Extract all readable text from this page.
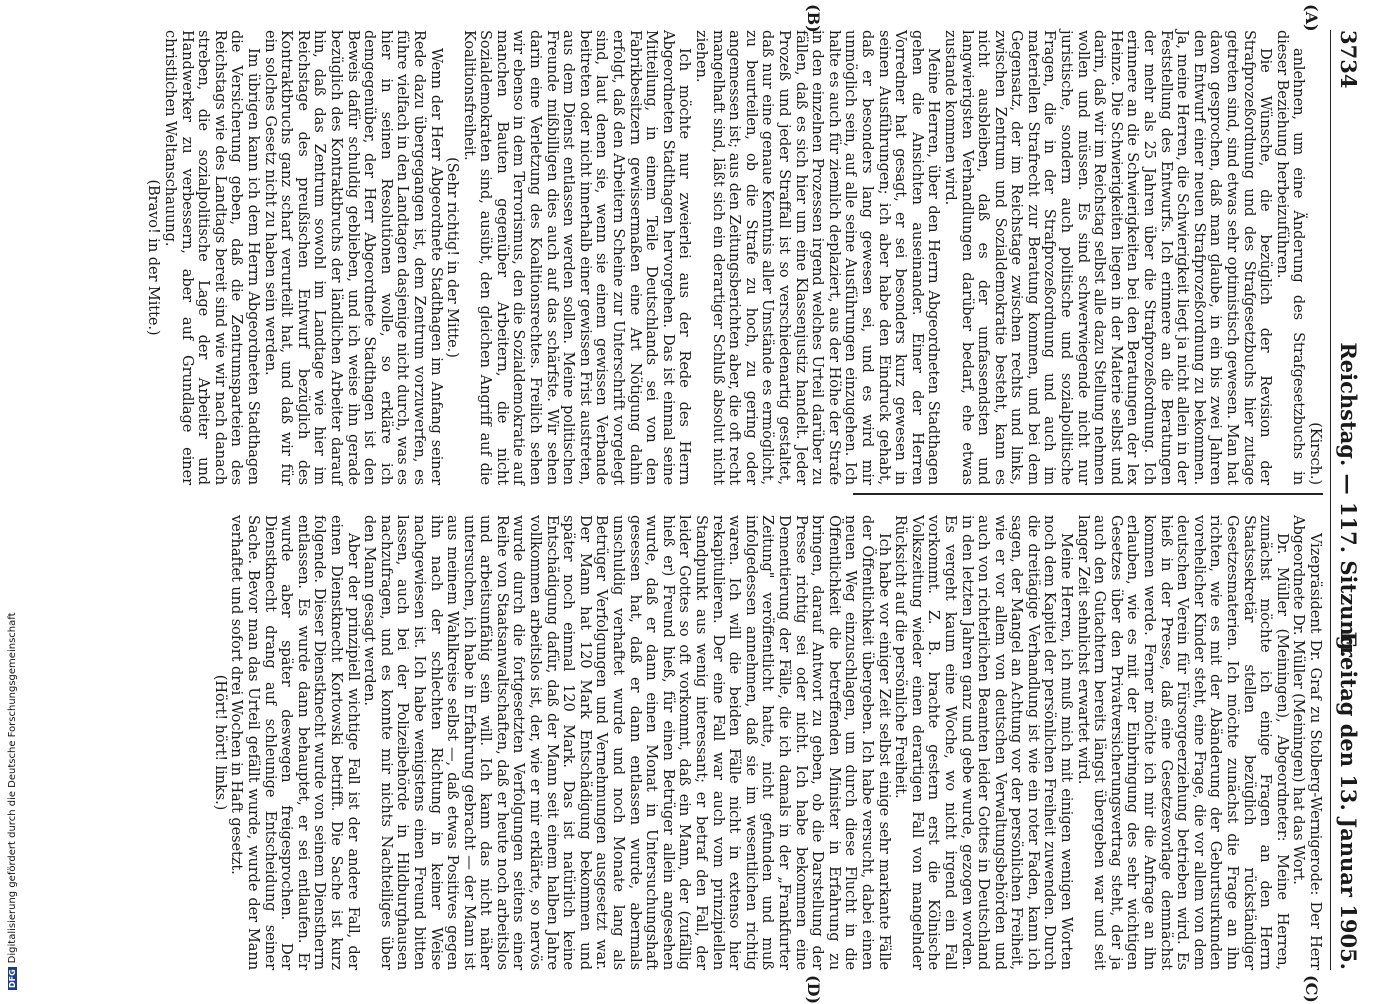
3734
Reichstag. — 117. Sitzung.
Freitag den 13. Januar 1905.
(A)
(B)
(C)
(D)

(Kirsch.)

anlehnen, um eine Änderung des Strafgesetzbuchs in dieser Beziehung herbeizuführen.

Die Wünsche, die bezüglich der Revision der Strafprozeßordnung und des Strafgesetzbuchs hier zutage getreten sind, sind etwas sehr optimistisch gewesen. Man hat davon gesprochen, daß man glaube, in ein bis zwei Jahren den Entwurf einer neuen Strafprozeßordnung zu bekommen. Ja, meine Herren, die Schwierigkeit liegt ja nicht allein in der Feststellung des Entwurfs. Ich erinnere an die Beratungen der mehr als 25 Jahren über die Strafprozeßordnung. Ich erinnere an die Schwierigkeiten bei den Beratungen der lex Heinze. Die Schwierigkeiten liegen in der Materie selbst und darin, daß wir im Reichstag selbst alle dazu Stellung nehmen wollen und müssen. Es sind schwerwiegende nicht nur juristische, sondern auch politische und sozialpolitische Fragen, die in der Strafprozeßordnung und auch im materiellen Strafrecht zur Beratung kommen, und bei dem Gegensatz, der im Reichstage zwischen rechts und links, zwischen Zentrum und Sozialdemokratie besteht, kann es nicht ausbleiben, daß es der umfassendsten und langwierigsten Verhandlungen darüber bedarf, ehe etwas zustande kommen wird.

Meine Herren, über den Herrn Abgeordneten Stadthagen gehen die Ansichten auseinander. Einer der Herren Vorredner hat gesagt, er sei besonders kurz gewesen in seinen Ausführungen; ich aber habe den Eindruck gehabt, daß er besonders lang gewesen sei, und es wird mir unmöglich sein, auf alle seine Ausführungen einzugehen. Ich halte es auch für ziemlich deplaziert, aus der Höhe der Strafe in den einzelnen Prozessen irgend welches Urteil darüber zu fällen, daß es sich hier um eine Klassenjustiz handelt. Jeder Prozeß und jeder Straffall ist so verschiedenartig gestaltet, daß nur eine genaue Kenntnis aller Umstände es ermöglicht, zu beurteilen, ob die Strafe zu hoch, zu gering oder angemessen ist; aus den Zeitungsberichten aber, die oft recht mangelhaft sind, läßt sich ein derartiger Schluß absolut nicht ziehen.

Ich möchte nur zweierlei aus der Rede des Herrn Abgeordneten Stadthagen hervorgehen. Das ist einmal seine Mitteilung, in einem Teile Deutschlands sei von den Fabrikbesitzern gewissermaßen eine Art Nötigung dahin erfolgt, daß den Arbeitern Scheine zur Unterschrift vorgelegt sind, laut denen sie, wenn sie einem gewissen Verbande beitreten oder nicht innerhalb einer gewissen Frist austreten, aus dem Dienst entlassen werden sollen. Meine politischen Freunde mißbilligen dies auch auf das schärfste. Wir sehen darin eine Verletzung des Koalitionsrechtes. Freilich sehen wir ebenso in dem Terrorismus, den die Sozialdemokratie auf manchen Bauten gegenüber Arbeitern, die nicht Sozialdemokraten sind, ausübt, den gleichen Angriff auf die Koalitionsfreiheit.

(Sehr richtig! in der Mitte.)

Wenn der Herr Abgeordnete Stadthagen im Anfang seiner Rede dazu übergegangen ist, dem Zentrum vorzuwerfen, es führe vielfach in den Landtagen dasjenige nicht durch, was es hier in seinen Resolutionen wolle, so erkläre ich demgegenüber, der Herr Abgeordnete Stadthagen ist den Beweis dafür schuldig geblieben, und ich weise ihn gerade bezüglich des Kontraktbruchs der ländlichen Arbeiter darauf hin, daß das Zentrum sowohl im Landtage wie hier im Reichstage des preußischen Entwurf bezüglich des Kontraktbruchs ganz scharf verurteilt hat, und daß wir für ein solches Gesetz nicht zu haben sein werden.

Im übrigen kann ich dem Herrn Abgeordneten Stadthagen die Versicherung geben, daß die Zentrumsparteien des Reichstags wie des Landtags bereit sind wie wir nach danach streben, die sozialpolitische Lage der Arbeiter und Handwerker zu verbessern, aber auf Grundlage einer christlichen Weltanschauung.

(Bravo! in der Mitte.)

Vizepräsident Dr. Graf zu Stolberg-Wernigerode: Der Herr Abgeordnete Dr. Müller (Meiningen) hat das Wort.

Dr. Müller (Meiningen), Abgeordneter: Meine Herren, zunächst möchte ich einige Fragen an den Herrn Staatssekretär stellen bezüglich rückständiger Gesetzesmaterien. Ich möchte zunächst die Frage an ihn richten, wie es mit der Abänderung der Geburtsurkunden vorehelicher Kinder steht, eine Frage, die vor allem von dem deutschen Verein für Fürsorgeerziehung betrieben wird. Es hieß in der Presse, daß eine Gesetzesvorlage demnächst kommen werde. Ferner möchte ich mir die Anfrage an ihn erlauben, wie es mit der Einbringung des sehr wichtigen Gesetzes über den Privatversicherungsvertrag steht, der ja auch den Gutachtern bereits längst übergeben war und seit langer Zeit sehnlichst erwartet wird.

Meine Herren, ich muß mich mit einigen wenigen Worten noch dem Kapitel der persönlichen Freiheit zuwenden. Durch die dreitägige Verhandlung ist wie ein roter Faden, kann ich sagen, der Mangel an Achtung vor der persönlichen Freiheit, wie er vor allem von deutschen Verwaltungsbehörden und auch von richterlichen Beamten leider Gottes in Deutschland in den letzten Jahren ganz und gebe wurde, gezogen worden. Es vergeht kaum eine Woche, wo nicht irgend ein Fall vorkommt. Z. B. brachte gestern erst die Kölnische Volkszeitung wieder einen derartigen Fall von mangelnder Rücksicht auf die persönliche Freiheit.

Ich habe vor einiger Zeit selbst einige sehr markante Fälle der Öffentlichkeit übergeben. Ich habe versucht, dabei einen neuen Weg einzuschlagen, um durch diese Flucht in die Öffentlichkeit die betreffenden Minister in Erfahrung zu bringen, darauf Antwort zu geben, ob die Darstellung der Presse richtig sei oder nicht. Ich habe bekommen eine Dementierung der Fälle, die ich damals in der „Frankfurter Zeitung" veröffentlicht hatte, nicht gefunden und muß infolgedessen annehmen, daß sie im wesentlichen richtig waren. Ich will die beiden Fälle nicht in extenso hier rekapitulieren. Der eine Fall war auch vom prinzipiellen Standpunkt aus wenig interessant; er betraf den Fall, der leider Gottes so oft vorkommt, daß ein Mann, der (zufällig hieß er) Freund hieß, für einen Betrüger allein angesehen wurde, daß er dann einen Monat in Untersuchungshaft gesessen hat, daß er dann entlassen wurde, abermals unschuldig verhaftet wurde und noch Monate lang als Betrüger Verfolgungen und Vernehmungen ausgesetzt war. Der Mann hat 120 Mark Entschädigung bekommen und später noch einmal 120 Mark. Das ist natürlich keine Entschädigung dafür, daß der Mann seit einem halben Jahre vollkommen arbeitslos ist, der, wie er mir erklärte, so nervös wurde durch die fortgesetzten Verfolgungen seitens einer Reihe von Staatsanwaltschaften, daß er heute noch arbeitslos und arbeitsunfähig sein will. Ich kann das nicht näher untersuchen, ich habe in Erfahrung gebracht — der Mann ist aus meinem Wahlkreise selbst —, daß etwas Positives gegen ihn nach der schlechten Richtung in keiner Weise nachgewiesen ist. Ich habe wenigstens einen Freund bitten lassen, auch bei der Polizeibehörde in Hildburghausen nachzufragen, und es konnte mir nichts Nachteiliges über den Mann gesagt werden.

Aber der prinzipiell wichtige Fall ist der andere Fall, der einen Dienstknecht Kortowski betrifft. Die Sache ist kurz folgende. Dieser Dienstknecht wurde von seinem Dienstherrn entlassen. Es wurde dann behauptet, er sei entlaufen. Er wurde aber später deswegen freigesprochen. Der Dienstknecht drang auf schleunige Entscheidung seiner Sache. Bevor man das Urteil gefällt wurde, wurde der Mann verhaftet und sofort drei Wochen in Haft gesetzt.

(Hört! hört! links.)

DFGDigitalisierung gefördert durch die Deutsche Forschungsgemeinschaft
